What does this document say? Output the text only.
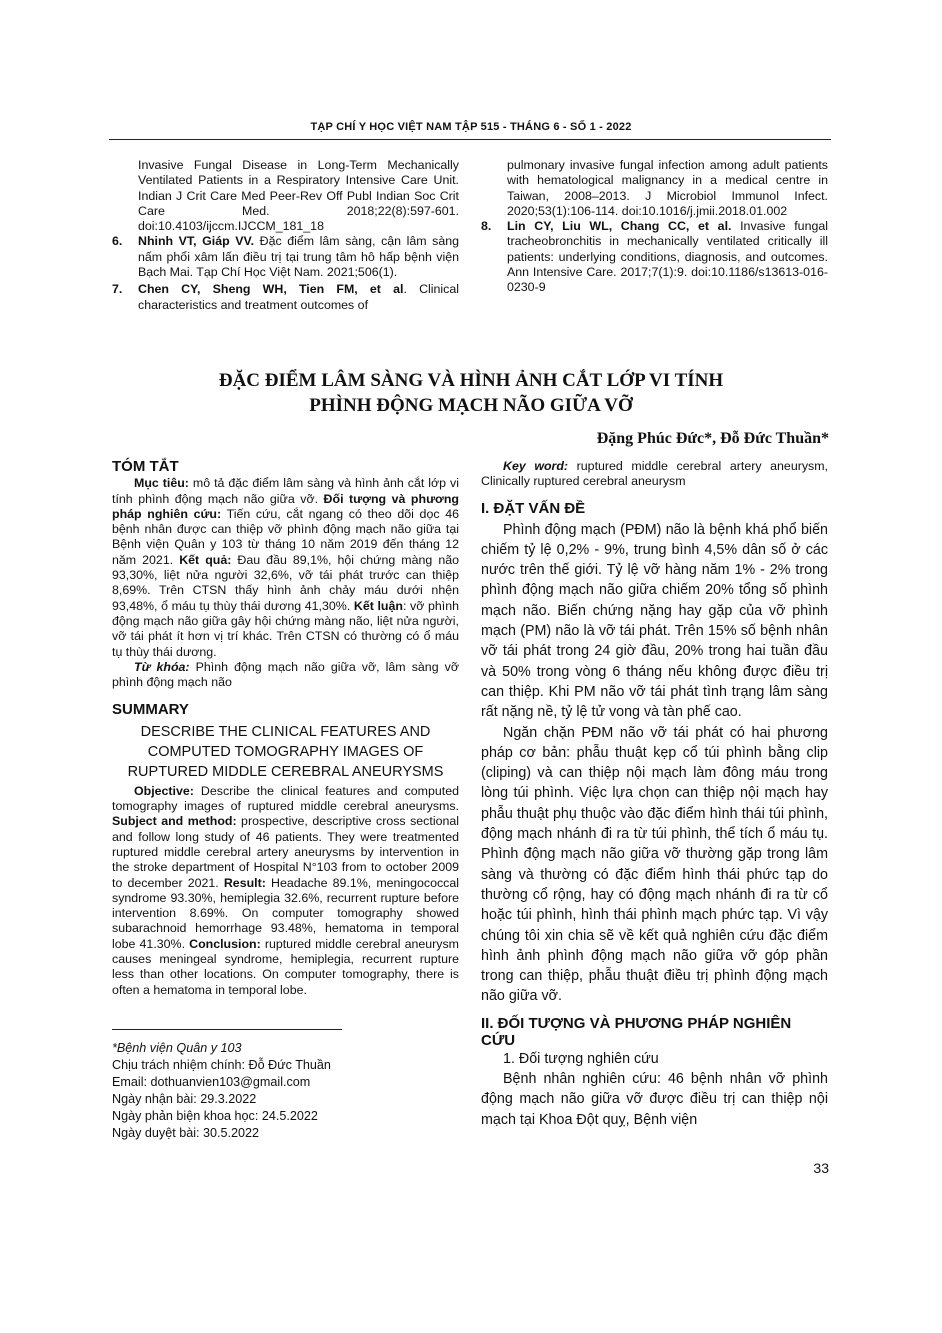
TẠP CHÍ Y HỌC VIỆT NAM TẬP 515 - THÁNG 6 - SỐ 1 - 2022

Invasive Fungal Disease in Long-Term Mechanically Ventilated Patients in a Respiratory Intensive Care Unit. Indian J Crit Care Med Peer-Rev Off Publ Indian Soc Crit Care Med. 2018;22(8):597-601. doi:10.4103/ijccm.IJCCM_181_18

6. Nhinh VT, Giáp VV. Đặc điểm lâm sàng, cận lâm sàng nấm phổi xâm lấn điều trị tại trung tâm hô hấp bệnh viện Bạch Mai. Tạp Chí Học Việt Nam. 2021;506(1).

7. Chen CY, Sheng WH, Tien FM, et al. Clinical characteristics and treatment outcomes of

pulmonary invasive fungal infection among adult patients with hematological malignancy in a medical centre in Taiwan, 2008–2013. J Microbiol Immunol Infect. 2020;53(1):106-114. doi:10.1016/j.jmii.2018.01.002

8. Lin CY, Liu WL, Chang CC, et al. Invasive fungal tracheobronchitis in mechanically ventilated critically ill patients: underlying conditions, diagnosis, and outcomes. Ann Intensive Care. 2017;7(1):9. doi:10.1186/s13613-016-0230-9

ĐẶC ĐIỂM LÂM SÀNG VÀ HÌNH ẢNH CẮT LỚP VI TÍNH
PHÌNH ĐỘNG MẠCH NÃO GIỮA VỠ
Đặng Phúc Đức*, Đỗ Đức Thuần*

TÓM TẮT

Mục tiêu: mô tả đặc điểm lâm sàng và hình ảnh cắt lớp vi tính phình động mạch não giữa vỡ. Đối tượng và phương pháp nghiên cứu: Tiến cứu, cắt ngang có theo dõi dọc 46 bệnh nhân được can thiệp vỡ phình động mạch não giữa tại Bệnh viện Quân y 103 từ tháng 10 năm 2019 đến tháng 12 năm 2021. Kết quả: Đau đầu 89,1%, hội chứng màng não 93,30%, liệt nửa người 32,6%, vỡ tái phát trước can thiệp 8,69%. Trên CTSN thấy hình ảnh chảy máu dưới nhện 93,48%, ổ máu tụ thùy thái dương 41,30%. Kết luận: vỡ phình động mạch não giữa gây hội chứng màng não, liệt nửa người, vỡ tái phát ít hơn vị trí khác. Trên CTSN có thường có ổ máu tụ thùy thái dương.

Từ khóa: Phình động mạch não giữa vỡ, lâm sàng vỡ phình động mạch não

SUMMARY

DESCRIBE THE CLINICAL FEATURES AND
COMPUTED TOMOGRAPHY IMAGES OF
RUPTURED MIDDLE CEREBRAL ANEURYSMS

Objective: Describe the clinical features and computed tomography images of ruptured middle cerebral aneurysms. Subject and method: prospective, descriptive cross sectional and follow long study of 46 patients. They were treatmented ruptured middle cerebral artery aneurysms by intervention in the stroke department of Hospital N°103 from to october 2009 to december 2021. Result: Headache 89.1%, meningococcal syndrome 93.30%, hemiplegia 32.6%, recurrent rupture before intervention 8.69%. On computer tomography showed subarachnoid hemorrhage 93.48%, hematoma in temporal lobe 41.30%. Conclusion: ruptured middle cerebral aneurysm causes meningeal syndrome, hemiplegia, recurrent rupture less than other locations. On computer tomography, there is often a hematoma in temporal lobe.

Key word: ruptured middle cerebral artery aneurysm, Clinically ruptured cerebral aneurysm

I. ĐẶT VẤN ĐỀ

Phình động mạch (PĐM) não là bệnh khá phổ biến chiếm tỷ lệ 0,2% - 9%, trung bình 4,5% dân số ở các nước trên thế giới. Tỷ lệ vỡ hàng năm 1% - 2% trong phình động mạch não giữa chiếm 20% tổng số phình mạch não. Biến chứng nặng hay gặp của vỡ phình mạch (PM) não là vỡ tái phát. Trên 15% số bệnh nhân vỡ tái phát trong 24 giờ đầu, 20% trong hai tuần đầu và 50% trong vòng 6 tháng nếu không được điều trị can thiệp. Khi PM não vỡ tái phát tình trạng lâm sàng rất nặng nề, tỷ lệ tử vong và tàn phế cao.

Ngăn chặn PĐM não vỡ tái phát có hai phương pháp cơ bản: phẫu thuật kẹp cổ túi phình bằng clip (cliping) và can thiệp nội mạch làm đông máu trong lòng túi phình. Việc lựa chọn can thiệp nội mạch hay phẫu thuật phụ thuộc vào đặc điểm hình thái túi phình, động mạch nhánh đi ra từ túi phình, thể tích ổ máu tụ. Phình động mạch não giữa vỡ thường gặp trong lâm sàng và thường có đặc điểm hình thái phức tạp do thường cổ rộng, hay có động mạch nhánh đi ra từ cổ hoặc túi phình, hình thái phình mạch phức tạp. Vì vậy chúng tôi xin chia sẽ về kết quả nghiên cứu đặc điểm hình ảnh phình động mạch não giữa vỡ góp phần trong can thiệp, phẫu thuật điều trị phình động mạch não giữa vỡ.

II. ĐỐI TƯỢNG VÀ PHƯƠNG PHÁP NGHIÊN CỨU

1. Đối tượng nghiên cứu

Bệnh nhân nghiên cứu: 46 bệnh nhân vỡ phình động mạch não giữa vỡ được điều trị can thiệp nội mạch tại Khoa Đột quỵ, Bệnh viện

*Bệnh viện Quân y 103

Chịu trách nhiệm chính: Đỗ Đức Thuần

Email: dothuanvien103@gmail.com

Ngày nhận bài: 29.3.2022

Ngày phản biện khoa học: 24.5.2022

Ngày duyệt bài: 30.5.2022

33
